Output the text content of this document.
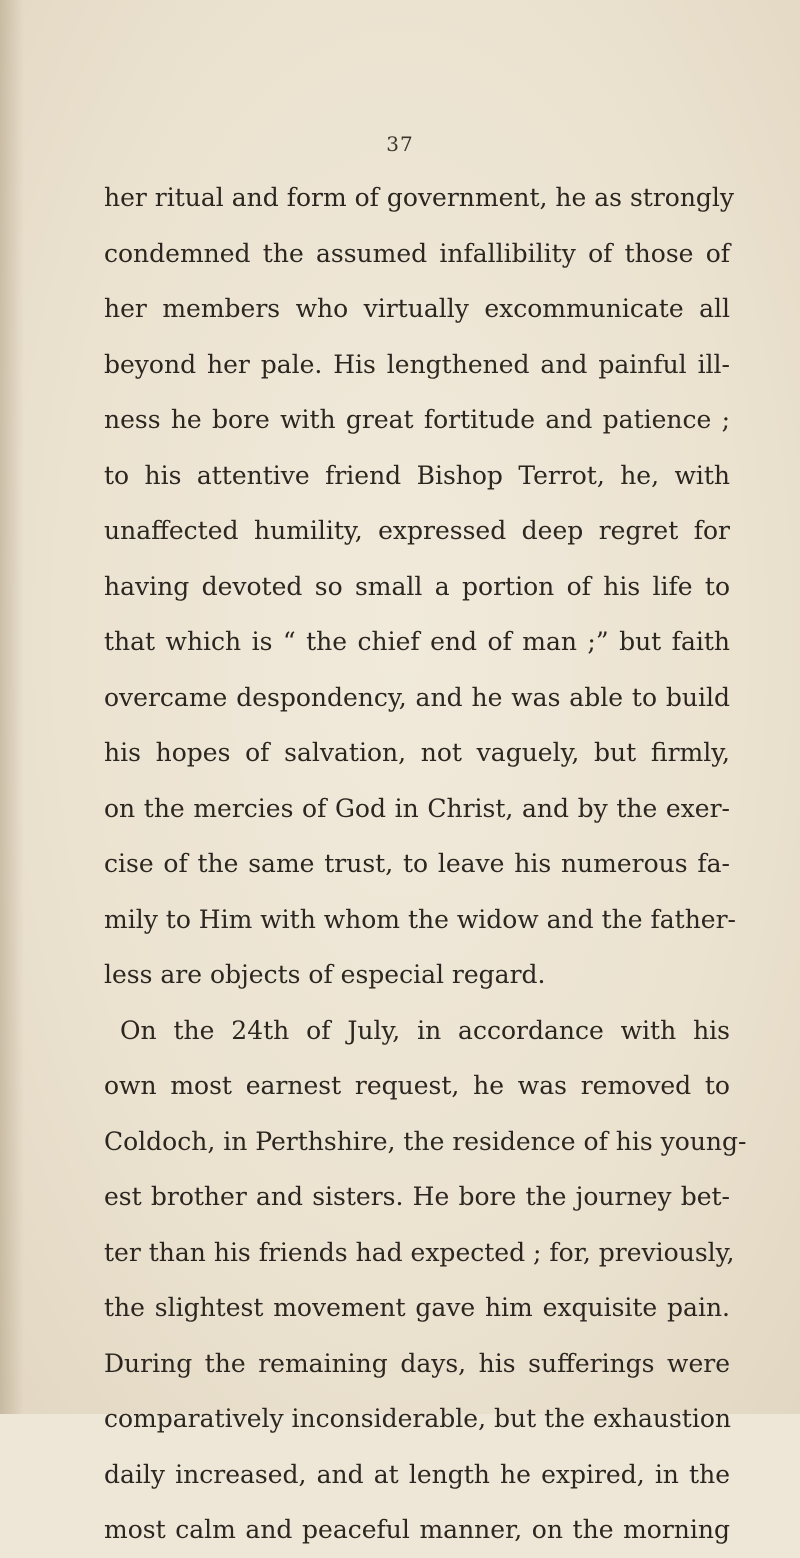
37
her ritual and form of government, he as strongly
condemned the assumed infallibility of those of
her members who virtually excommunicate all
beyond her pale. His lengthened and painful ill-
ness he bore with great fortitude and patience ;
to his attentive friend Bishop Terrot, he, with
unaffected humility, expressed deep regret for
having devoted so small a portion of his life to
that which is “ the chief end of man ;” but faith
overcame despondency, and he was able to build
his hopes of salvation, not vaguely, but firmly,
on the mercies of God in Christ, and by the exer-
cise of the same trust, to leave his numerous fa-
mily to Him with whom the widow and the father-
less are objects of especial regard.
On the 24th of July, in accordance with his
own most earnest request, he was removed to
Coldoch, in Perthshire, the residence of his young-
est brother and sisters. He bore the journey bet-
ter than his friends had expected ; for, previously,
the slightest movement gave him exquisite pain.
During the remaining days, his sufferings were
comparatively inconsiderable, but the exhaustion
daily increased, and at length he expired, in the
most calm and peaceful manner, on the morning
